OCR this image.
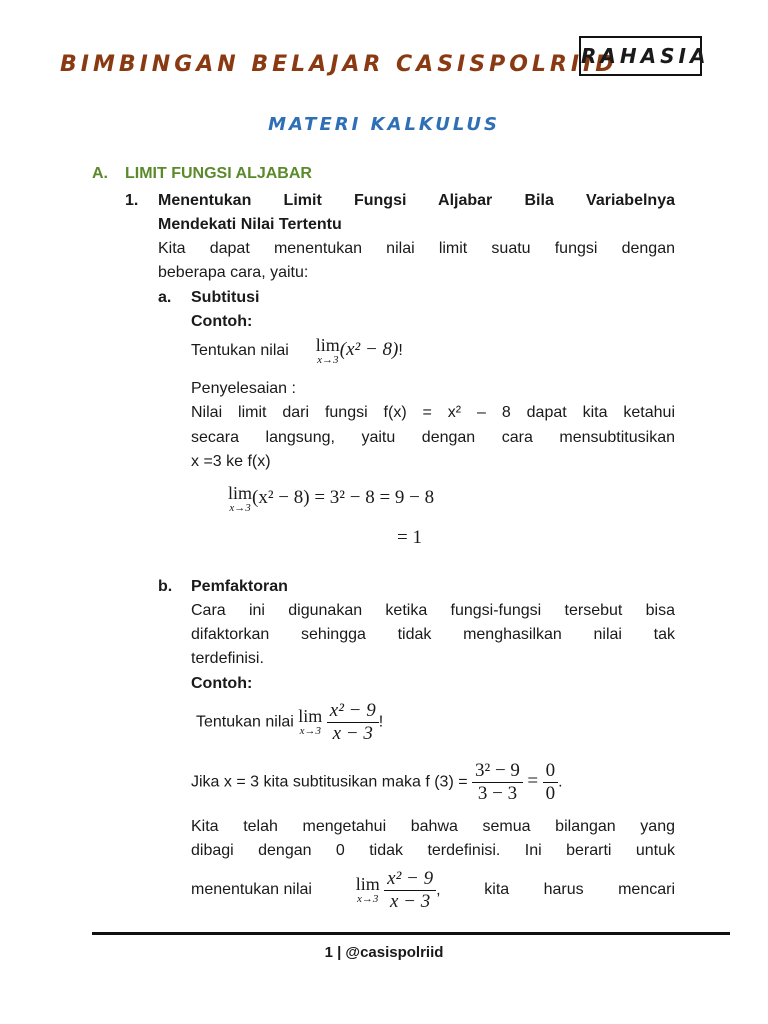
BIMBINGAN BELAJAR CASISPOLRIID
RAHASIA
MATERI KALKULUS
A. LIMIT FUNGSI ALJABAR
1. Menentukan Limit Fungsi Aljabar Bila Variabelnya
Mendekati Nilai Tertentu
Kita dapat menentukan nilai limit suatu fungsi dengan
beberapa cara, yaitu:
a. Subtitusi
Contoh:
Tentukan nilai lim
x→3 (x² − 8)!
Penyelesaian :
Nilai limit dari fungsi f(x) = x² – 8 dapat kita ketahui
secara langsung, yaitu dengan cara mensubtitusikan
x =3 ke f(x)
lim
x→3 (x² − 8) = 3² − 8 = 9 − 8
= 1
b. Pemfaktoran
Cara ini digunakan ketika fungsi-fungsi tersebut bisa
difaktorkan sehingga tidak menghasilkan nilai tak
terdefinisi.
Contoh:
Tentukan nilai lim
x→3
$\frac{\text{x² − 9}}{x - 3}$ !
Jika x = 3 kita subtitusikan maka f $(3) = \frac{\text{3² − 9}}{3 - 3} = \frac{0}{0}$ .
Kita telah mengetahui bahwa semua bilangan yang
dibagi dengan 0 tidak terdefinisi. Ini berarti untuk
menentukan nilai lim
x→3
$\frac{\text{x² − 9}}{x - 3}$ ,	kita harus mencari
1 | @casispolriid
